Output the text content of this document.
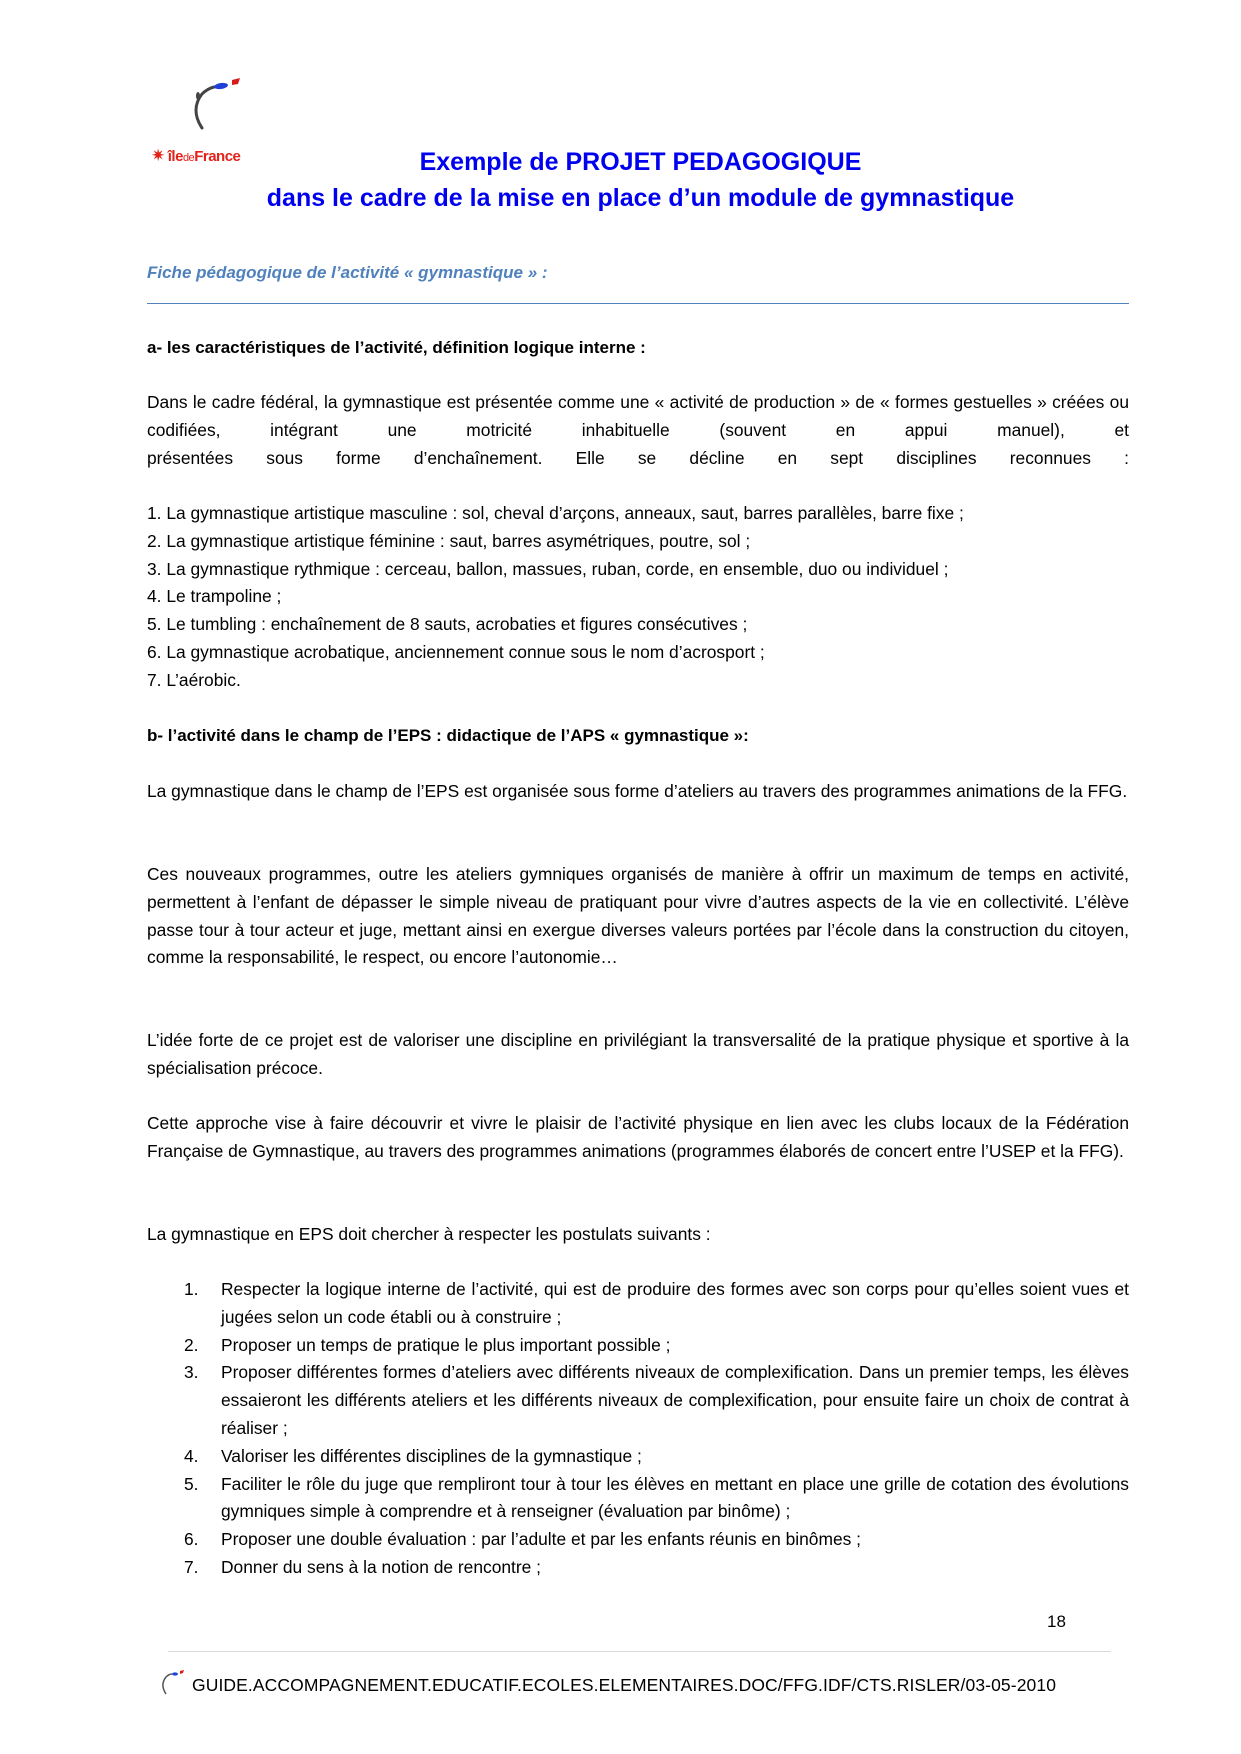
✷ îledeFrance	Exemple de PROJET PEDAGOGIQUE
dans le cadre de la mise en place d’un module de gymnastique
Fiche pédagogique de l’activité « gymnastique » :

a- les caractéristiques de l’activité, définition logique interne :

Dans le cadre fédéral, la gymnastique est présentée comme une « activité de production » de « formes gestuelles » créées ou codifiées, intégrant une motricité inhabituelle (souvent en appui manuel), et

présentées sous forme d’enchaînement. Elle se décline en sept disciplines reconnues :

1. La gymnastique artistique masculine : sol, cheval d’arçons, anneaux, saut, barres parallèles, barre fixe ;

2. La gymnastique artistique féminine : saut, barres asymétriques, poutre, sol ;

3. La gymnastique rythmique : cerceau, ballon, massues, ruban, corde, en ensemble, duo ou individuel ;

4. Le trampoline ;

5. Le tumbling : enchaînement de 8 sauts, acrobaties et figures consécutives ;

6. La gymnastique acrobatique, anciennement connue sous le nom d’acrosport ;

7. L’aérobic.

b- l’activité dans le champ de l’EPS : didactique de l’APS « gymnastique »:

La gymnastique dans le champ de l’EPS est organisée sous forme d’ateliers au travers des programmes animations de la FFG.

Ces nouveaux programmes, outre les ateliers gymniques organisés de manière à offrir un maximum de temps en activité, permettent à l’enfant de dépasser le simple niveau de pratiquant pour vivre d’autres aspects de la vie en collectivité. L’élève passe tour à tour acteur et juge, mettant ainsi en exergue diverses valeurs portées par l’école dans la construction du citoyen, comme la responsabilité, le respect, ou encore l’autonomie…

L’idée forte de ce projet est de valoriser une discipline en privilégiant la transversalité de la pratique physique et sportive à la spécialisation précoce.

Cette approche vise à faire découvrir et vivre le plaisir de l’activité physique en lien avec les clubs locaux de la Fédération Française de Gymnastique, au travers des programmes animations (programmes élaborés de concert entre l’USEP et la FFG).

La gymnastique en EPS doit chercher à respecter les postulats suivants :

1.	Respecter la logique interne de l’activité, qui est de produire des formes avec son corps pour qu’elles soient vues et jugées selon un code établi ou à construire ;
2.	Proposer un temps de pratique le plus important possible ;
3.	Proposer différentes formes d’ateliers avec différents niveaux de complexification. Dans un premier temps, les élèves essaieront les différents ateliers et les différents niveaux de complexification, pour ensuite faire un choix de contrat à réaliser ;
4.	Valoriser les différentes disciplines de la gymnastique ;
5.	Faciliter le rôle du juge que rempliront tour à tour les élèves en mettant en place une grille de cotation des évolutions gymniques simple à comprendre et à renseigner (évaluation par binôme) ;
6.	Proposer une double évaluation : par l’adulte et par les enfants réunis en binômes ;
7.	Donner du sens à la notion de rencontre ;
18
GUIDE.ACCOMPAGNEMENT.EDUCATIF.ECOLES.ELEMENTAIRES.DOC/FFG.IDF/CTS.RISLER/03-05-2010
